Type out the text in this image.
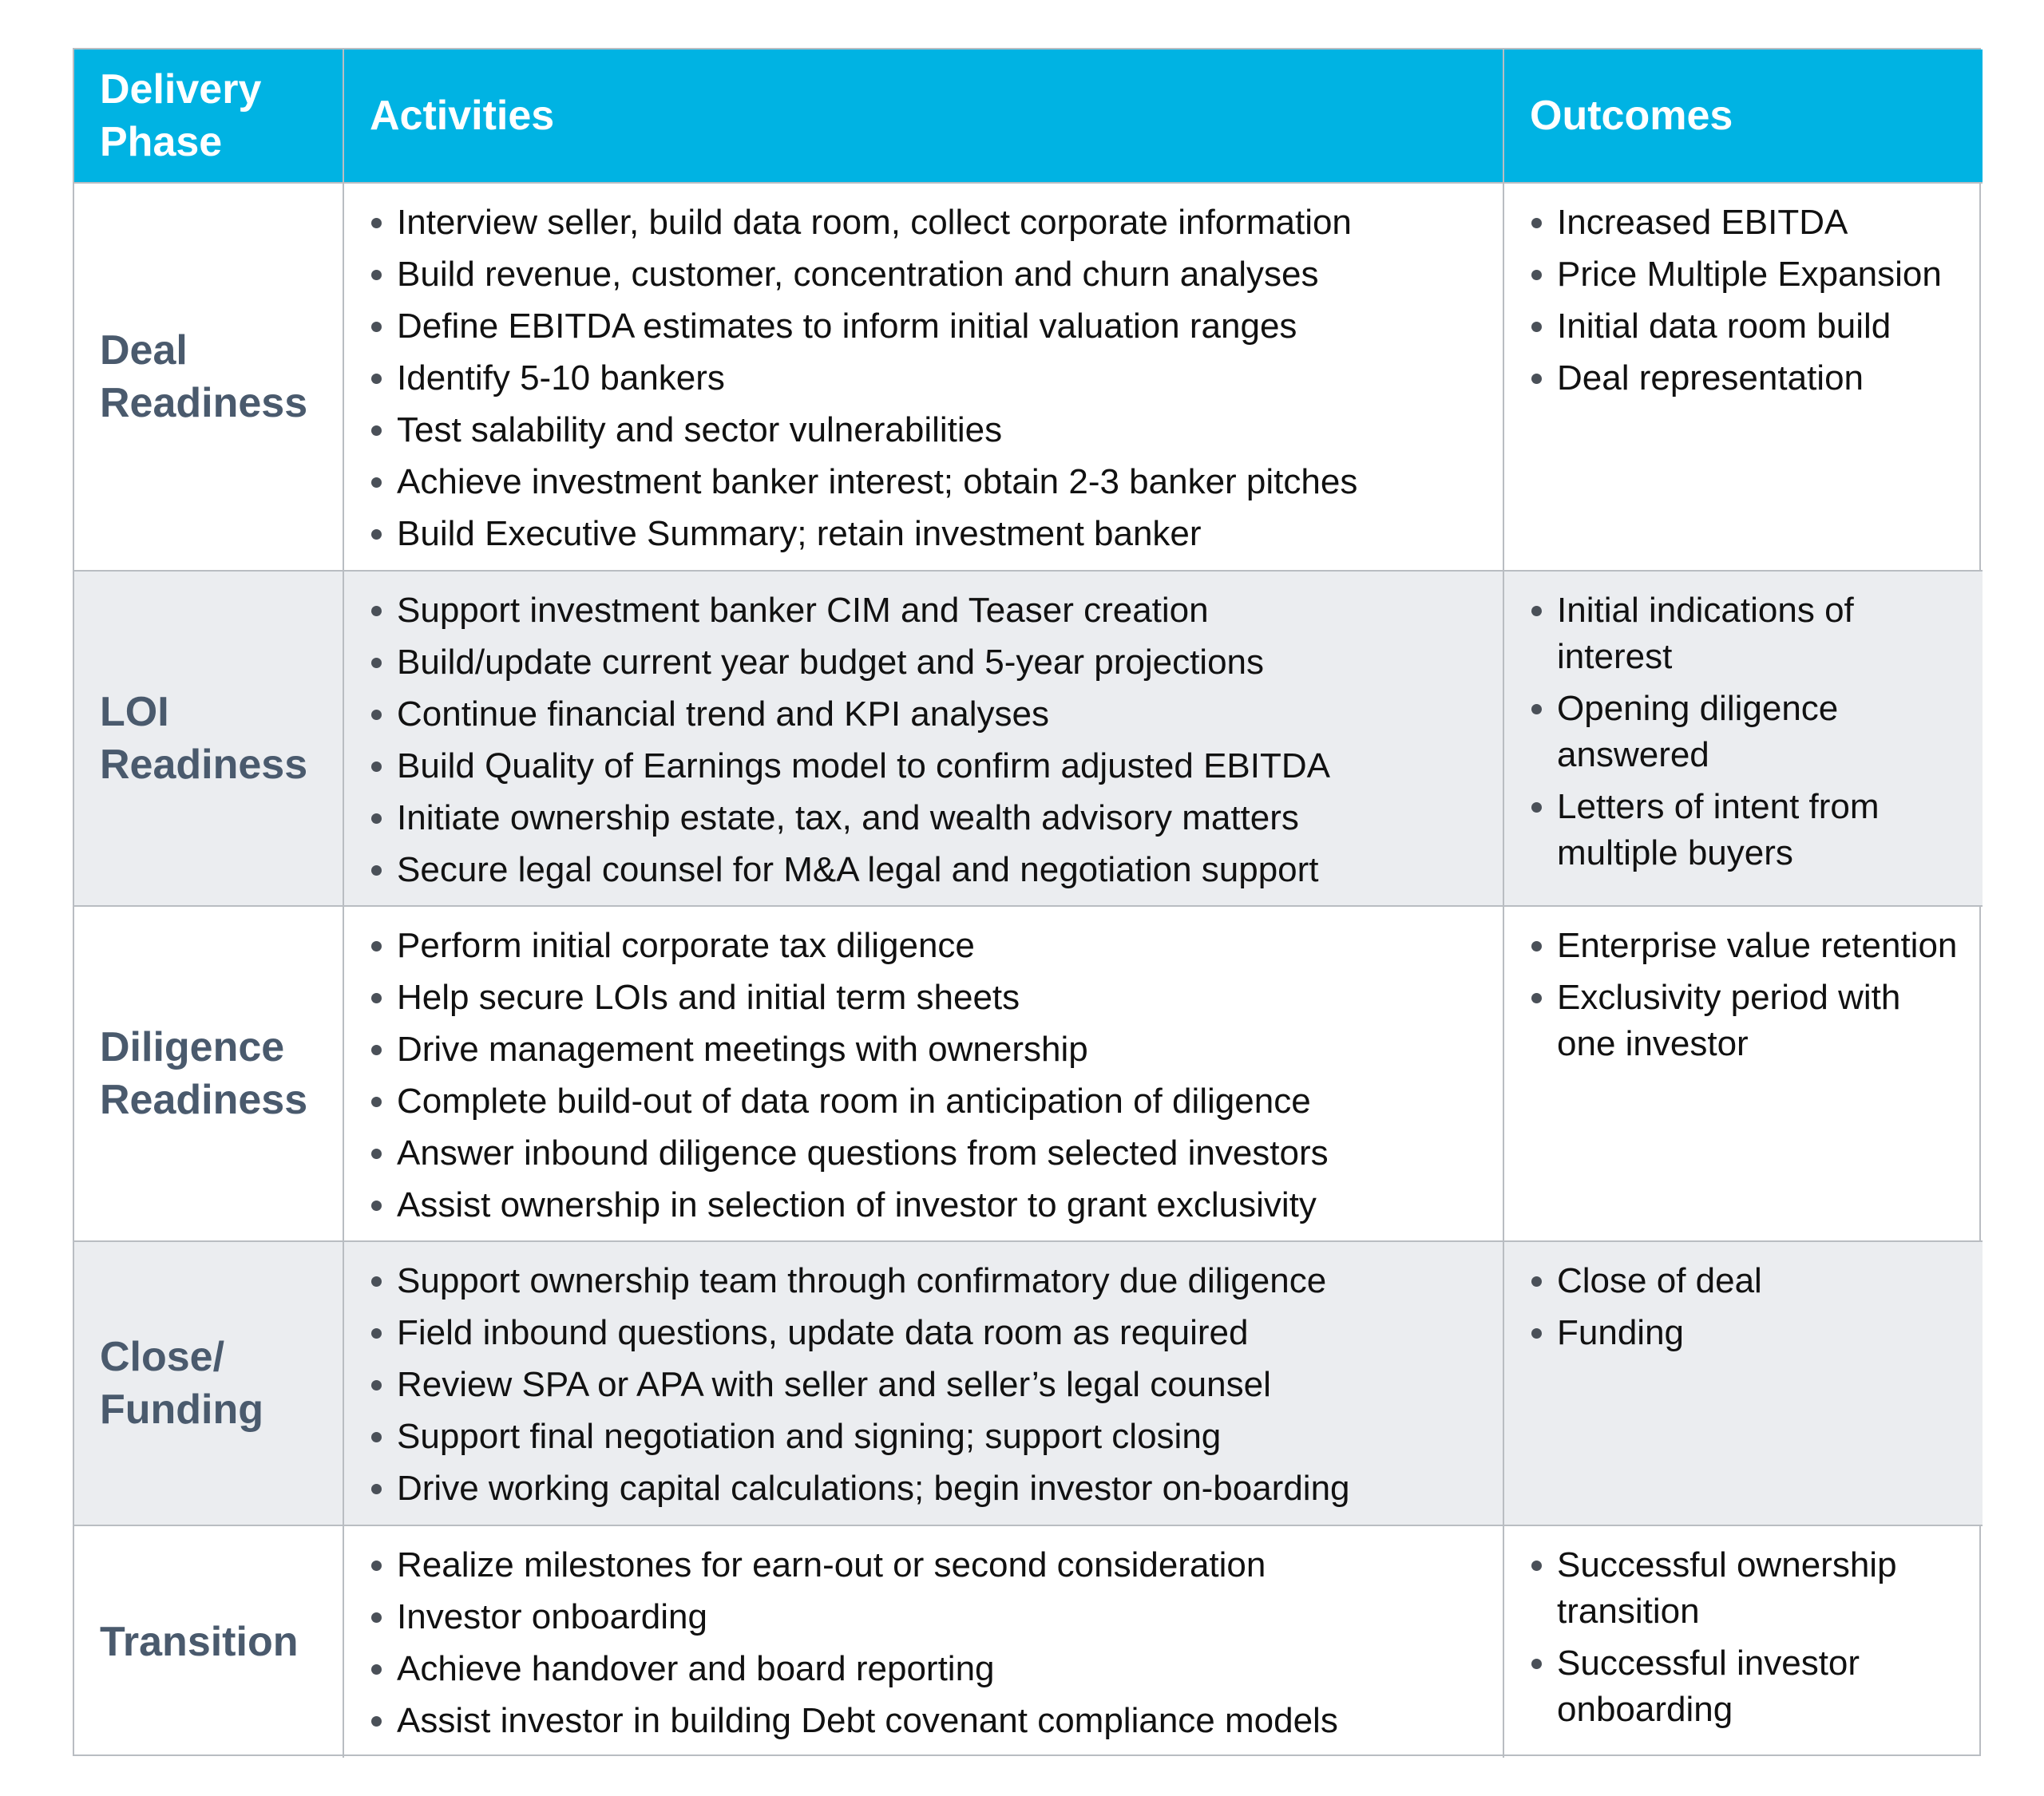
Delivery
Phase
Activities	Outcomes
Deal
Readiness
Interview seller, build data room, collect corporate information
Build revenue, customer, concentration and churn analyses
Define EBITDA estimates to inform initial valuation ranges
Identify 5-10 bankers
Test salability and sector vulnerabilities
Achieve investment banker interest; obtain 2-3 banker pitches
Build Executive Summary; retain investment banker
Increased EBITDA
Price Multiple Expansion
Initial data room build
Deal representation
LOI
Readiness
Support investment banker CIM and Teaser creation
Build/update current year budget and 5-year projections
Continue financial trend and KPI analyses
Build Quality of Earnings model to confirm adjusted EBITDA
Initiate ownership estate, tax, and wealth advisory matters
Secure legal counsel for M&A legal and negotiation support
Initial indications of interest
Opening diligence answered
Letters of intent from multiple buyers
Diligence
Readiness
Perform initial corporate tax diligence
Help secure LOIs and initial term sheets
Drive management meetings with ownership
Complete build-out of data room in anticipation of diligence
Answer inbound diligence questions from selected investors
Assist ownership in selection of investor to grant exclusivity
Enterprise value retention
Exclusivity period with one investor
Close/
Funding
Support ownership team through confirmatory due diligence
Field inbound questions, update data room as required
Review SPA or APA with seller and seller’s legal counsel
Support final negotiation and signing; support closing
Drive working capital calculations; begin investor on-boarding
Close of deal
Funding
Transition
Realize milestones for earn-out or second consideration
Investor onboarding
Achieve handover and board reporting
Assist investor in building Debt covenant compliance models
Successful ownership transition
Successful investor onboarding
